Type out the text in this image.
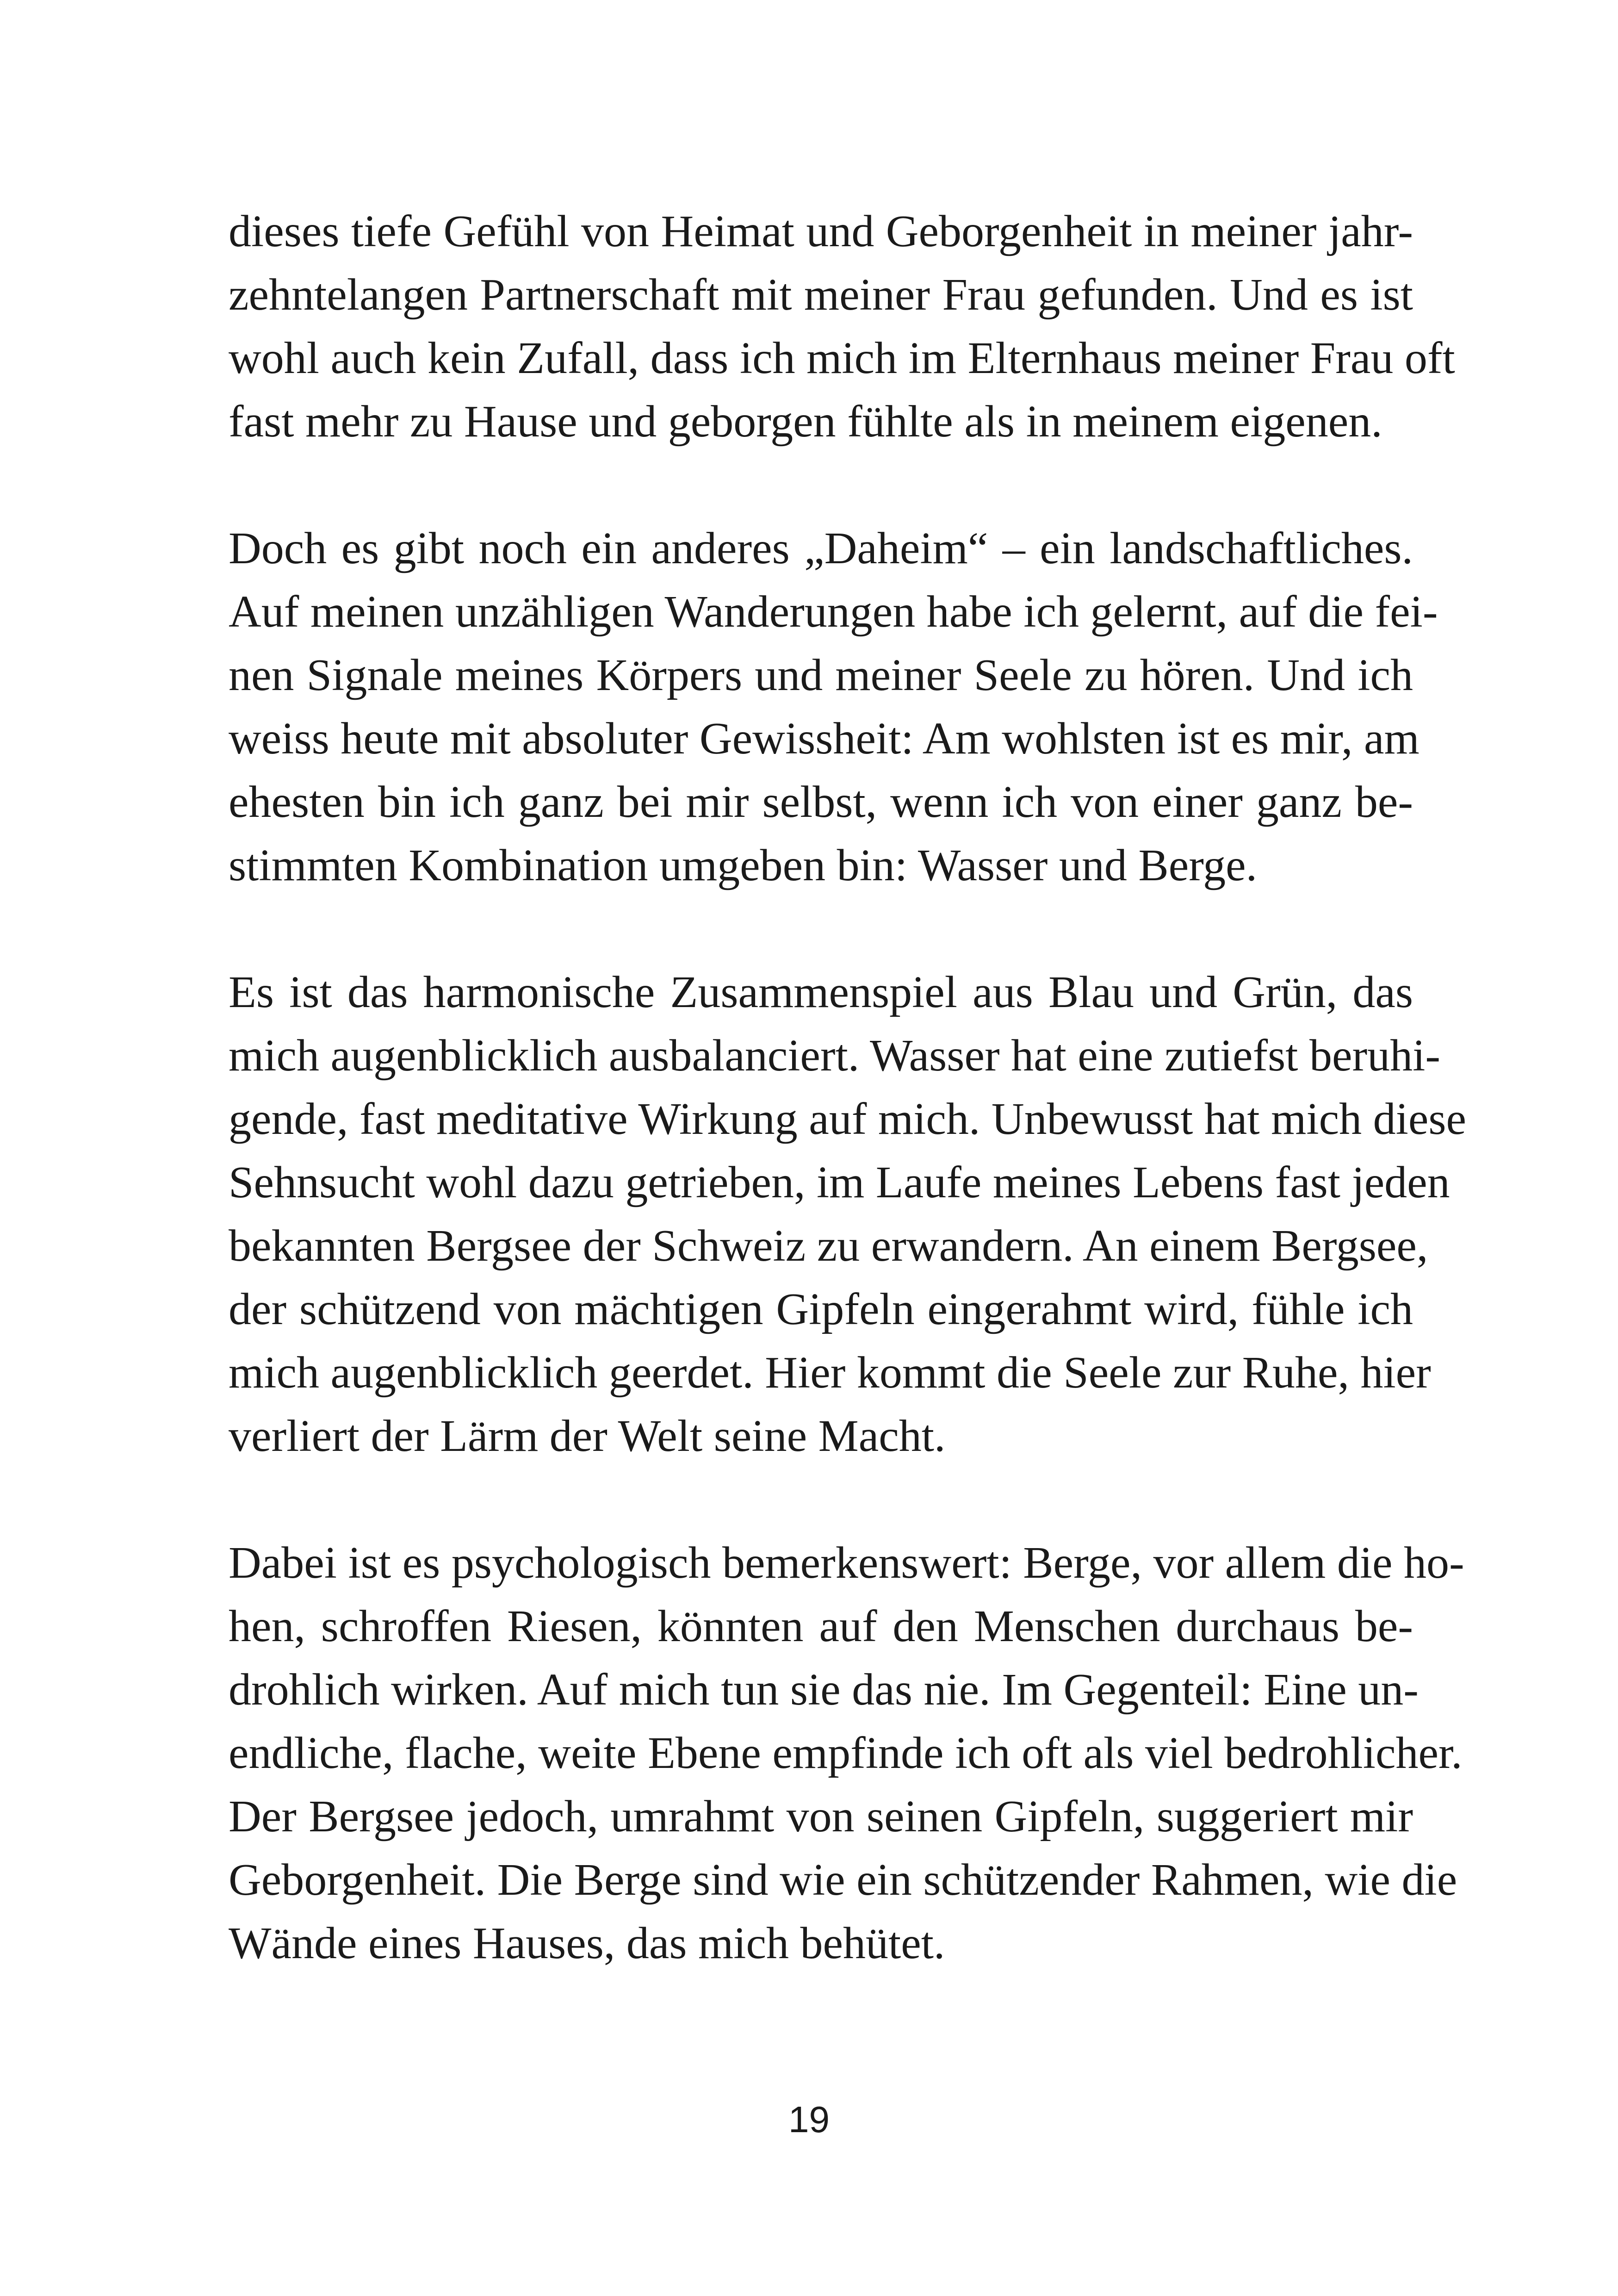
dieses tiefe Gefühl von Heimat und Geborgenheit in meiner jahr-
zehntelangen Partnerschaft mit meiner Frau gefunden. Und es ist
wohl auch kein Zufall, dass ich mich im Elternhaus meiner Frau oft
fast mehr zu Hause und geborgen fühlte als in meinem eigenen.

Doch es gibt noch ein anderes „Daheim“ – ein landschaftliches.
Auf meinen unzähligen Wanderungen habe ich gelernt, auf die fei-
nen Signale meines Körpers und meiner Seele zu hören. Und ich
weiss heute mit absoluter Gewissheit: Am wohlsten ist es mir, am
ehesten bin ich ganz bei mir selbst, wenn ich von einer ganz be-
stimmten Kombination umgeben bin: Wasser und Berge.

Es ist das harmonische Zusammenspiel aus Blau und Grün, das
mich augenblicklich ausbalanciert. Wasser hat eine zutiefst beruhi-
gende, fast meditative Wirkung auf mich. Unbewusst hat mich diese
Sehnsucht wohl dazu getrieben, im Laufe meines Lebens fast jeden
bekannten Bergsee der Schweiz zu erwandern. An einem Bergsee,
der schützend von mächtigen Gipfeln eingerahmt wird, fühle ich
mich augenblicklich geerdet. Hier kommt die Seele zur Ruhe, hier
verliert der Lärm der Welt seine Macht.

Dabei ist es psychologisch bemerkenswert: Berge, vor allem die ho-
hen, schroffen Riesen, könnten auf den Menschen durchaus be-
drohlich wirken. Auf mich tun sie das nie. Im Gegenteil: Eine un-
endliche, flache, weite Ebene empfinde ich oft als viel bedrohlicher.
Der Bergsee jedoch, umrahmt von seinen Gipfeln, suggeriert mir
Geborgenheit. Die Berge sind wie ein schützender Rahmen, wie die
Wände eines Hauses, das mich behütet.

19
